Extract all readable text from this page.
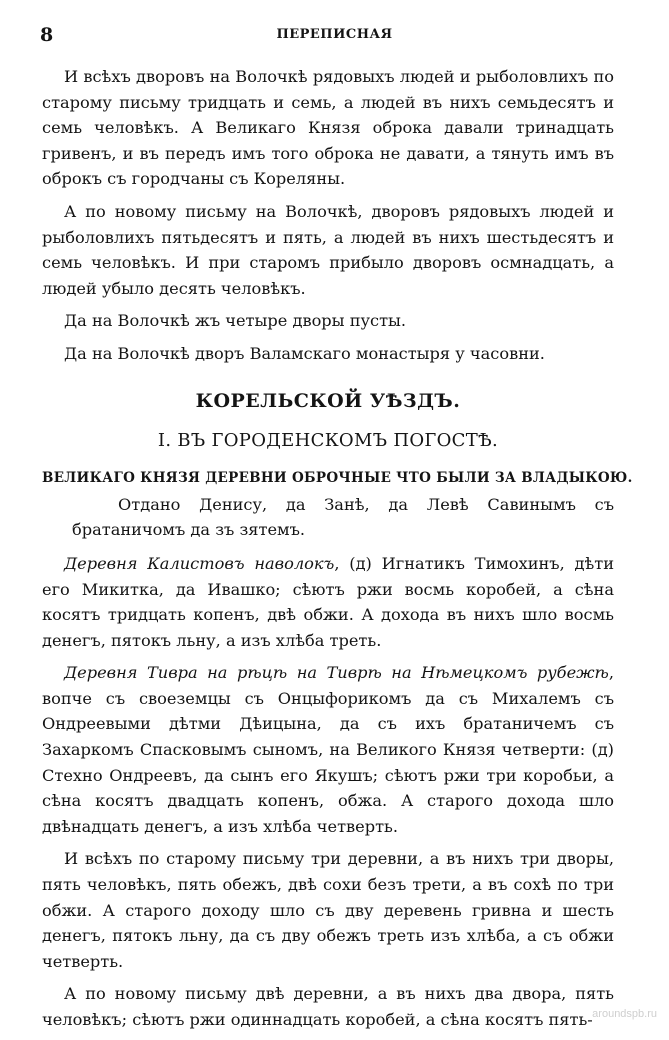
8	ПЕРЕПИСНАЯ

И всѣхъ дворовъ на Волочкѣ рядовыхъ людей и рыболовлихъ по старому письму тридцать и семь, а людей въ нихъ семьдесятъ и семь человѣкъ. А Великаго Князя оброка давали тринадцать гривенъ, и въ передъ имъ того оброка не давати, а тянуть имъ въ оброкъ съ городчаны съ Кореляны.

А по новому письму на Волочкѣ, дворовъ рядовыхъ людей и рыболовлихъ пятьдесятъ и пять, а людей въ нихъ шестьдесятъ и семь человѣкъ. И при старомъ прибыло дворовъ осмнадцать, а людей убыло десять человѣкъ.

Да на Волочкѣ жъ четыре дворы пусты.

Да на Волочкѣ дворъ Валамскаго монастыря у часовни.

КОРЕЛЬСКОЙ УѢЗДЪ.

I. ВЪ ГОРОДЕНСКОМЪ ПОГОСТѢ.

ВЕЛИКАГО КНЯЗЯ ДЕРЕВНИ ОБРОЧНЫЕ ЧТО БЫЛИ ЗА ВЛАДЫКОЮ.

Отдано Денису, да Занѣ, да Левѣ Савинымъ съ братаничомъ да зъ зятемъ.

Деревня Калистовъ наволокъ, (д) Игнатикъ Тимохинъ, дѣти его Микитка, да Ивашко; сѣютъ ржи восмь коробей, а сѣна косятъ тридцать копенъ, двѣ обжи. А дохода въ нихъ шло восмь денегъ, пятокъ льну, а изъ хлѣба треть.

Деревня Тивра на рѣцѣ на Тиврѣ на Нѣмецкомъ рубежѣ, вопче съ своеземцы съ Онцыфорикомъ да съ Михалемъ съ Ондреевыми дѣтми Дѣицына, да съ ихъ братаничемъ съ Захаркомъ Спасковымъ сыномъ, на Великого Князя четверти: (д) Стехно Ондреевъ, да сынъ его Якушъ; сѣютъ ржи три коробьи, а сѣна косятъ двадцать копенъ, обжа. А старого дохода шло двѣнадцать денегъ, а изъ хлѣба четверть.

И всѣхъ по старому письму три деревни, а въ нихъ три дворы, пять человѣкъ, пять обежъ, двѣ сохи безъ трети, а въ сохѣ по три обжи. А старого доходу шло съ дву деревень гривна и шесть денегъ, пятокъ льну, да съ дву обежъ треть изъ хлѣба, а съ обжи четверть.

А по новому письму двѣ деревни, а въ нихъ два двора, пять человѣкъ; сѣютъ ржи одиннадцать коробей, а сѣна косятъ пять- aroundspb.ru
